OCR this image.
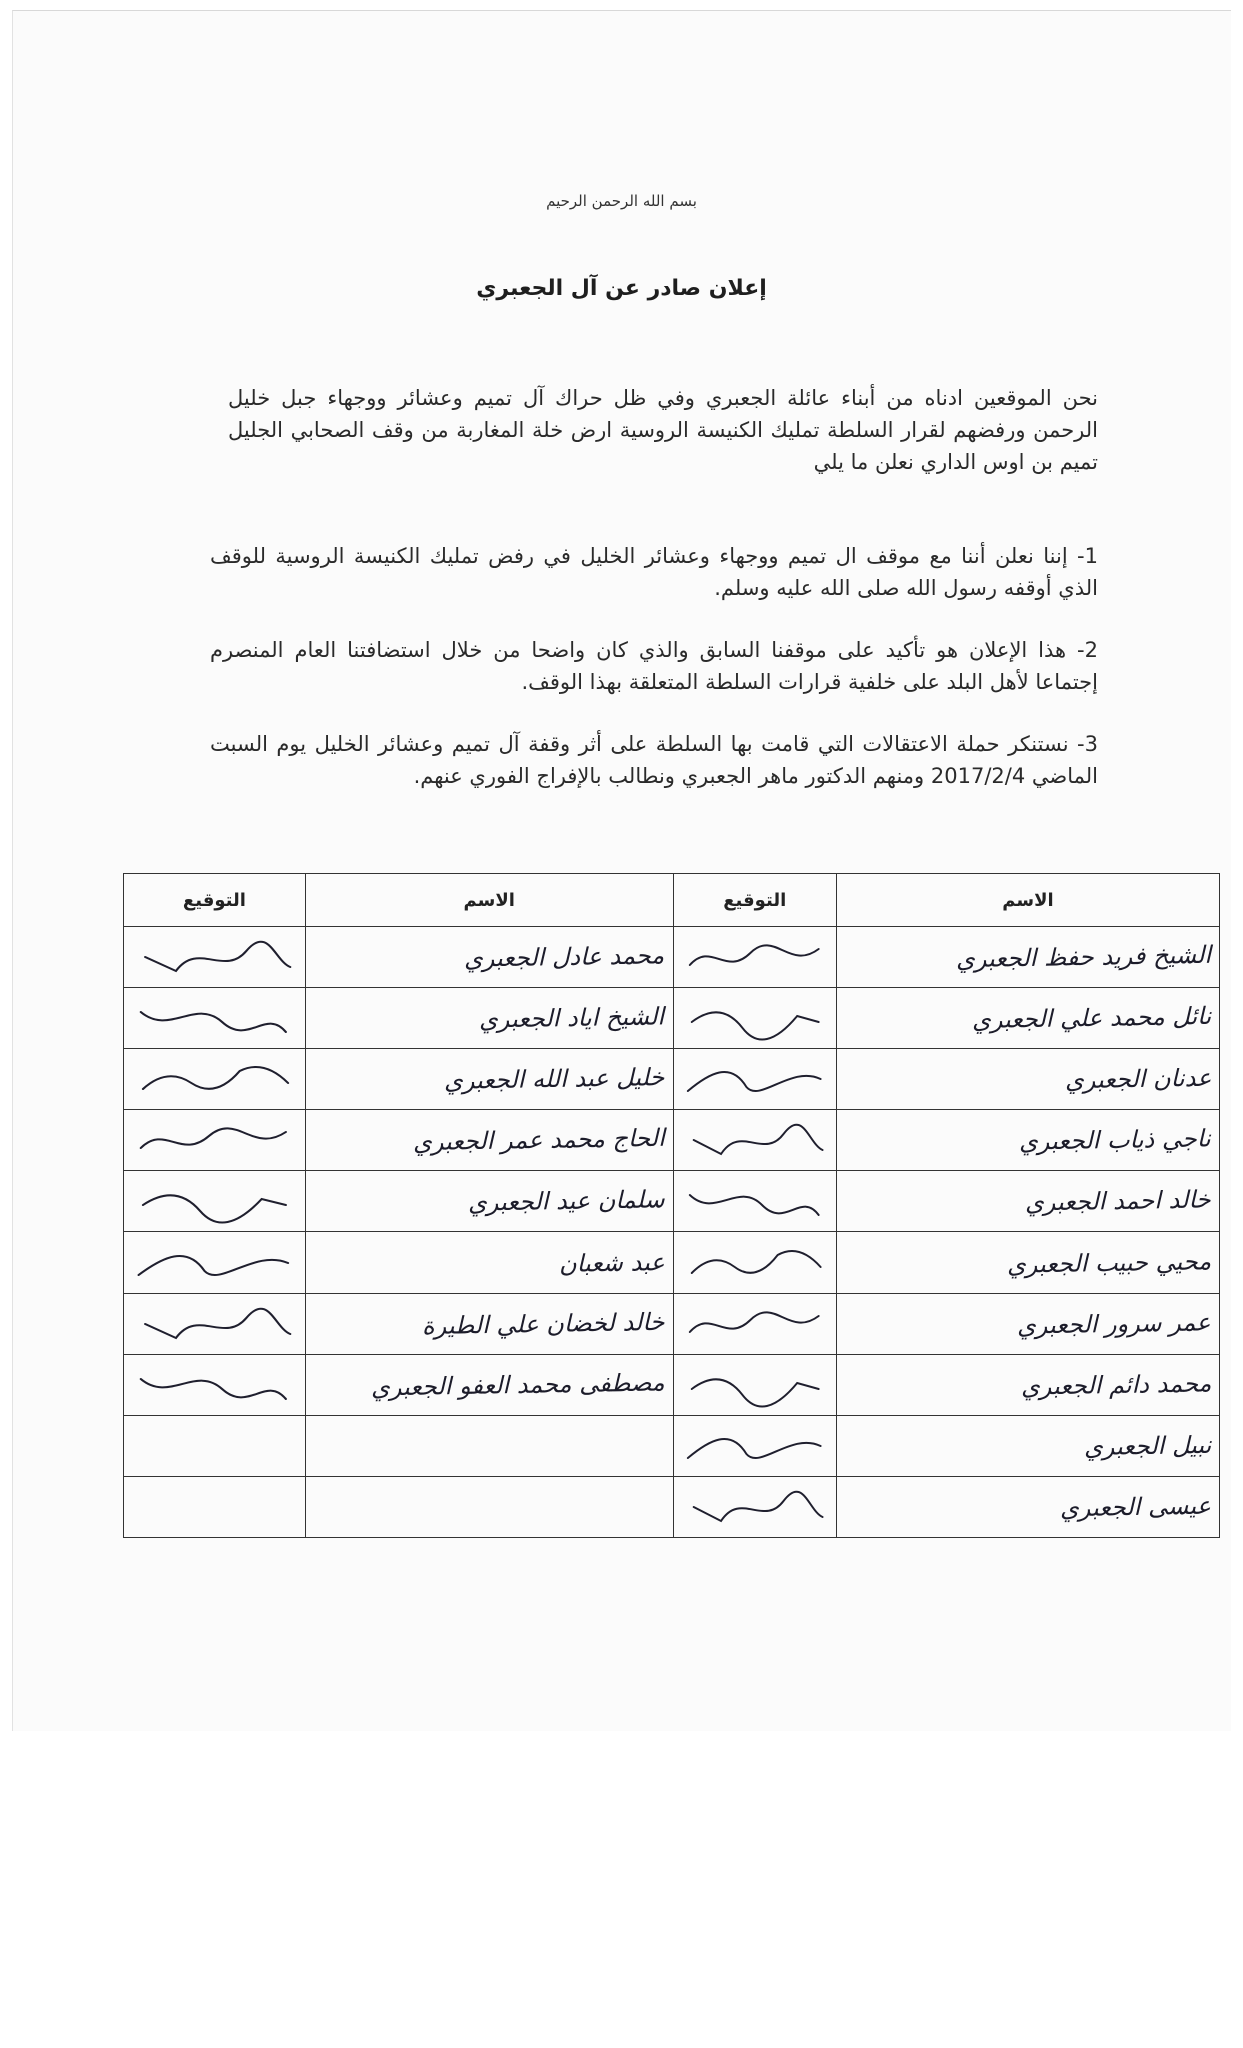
بسم الله الرحمن الرحيم
إعلان صادر عن آل الجعبري
نحن الموقعين ادناه من أبناء عائلة الجعبري وفي ظل حراك آل تميم وعشائر ووجهاء جبل خليل الرحمن ورفضهم لقرار السلطة تمليك الكنيسة الروسية ارض خلة المغاربة من وقف الصحابي الجليل تميم بن اوس الداري نعلن ما يلي
1- إننا نعلن أننا مع موقف ال تميم ووجهاء وعشائر الخليل في رفض تمليك الكنيسة الروسية للوقف الذي أوقفه رسول الله صلى الله عليه وسلم.
2- هذا الإعلان هو تأكيد على موقفنا السابق والذي كان واضحا من خلال استضافتنا العام المنصرم إجتماعا لأهل البلد على خلفية قرارات السلطة المتعلقة بهذا الوقف.
3- نستنكر حملة الاعتقالات التي قامت بها السلطة على أثر وقفة آل تميم وعشائر الخليل يوم السبت الماضي 2017/2/4 ومنهم الدكتور ماهر الجعبري ونطالب بالإفراج الفوري عنهم.
الاسم	التوقيع	الاسم	التوقيع
الشيخ فريد حفظ الجعبري		محمد عادل الجعبري	

نائل محمد علي الجعبري		الشيخ اياد الجعبري	

عدنان الجعبري		خليل عبد الله الجعبري	

ناجي ذياب الجعبري		الحاج محمد عمر الجعبري	

خالد احمد الجعبري		سلمان عيد الجعبري	

محيي حبيب الجعبري		عبد شعبان	

عمر سرور الجعبري		خالد لخضان علي الطيرة	

محمد دائم الجعبري		مصطفى محمد العفو الجعبري	

نبيل الجعبري	

عيسى الجعبري	
